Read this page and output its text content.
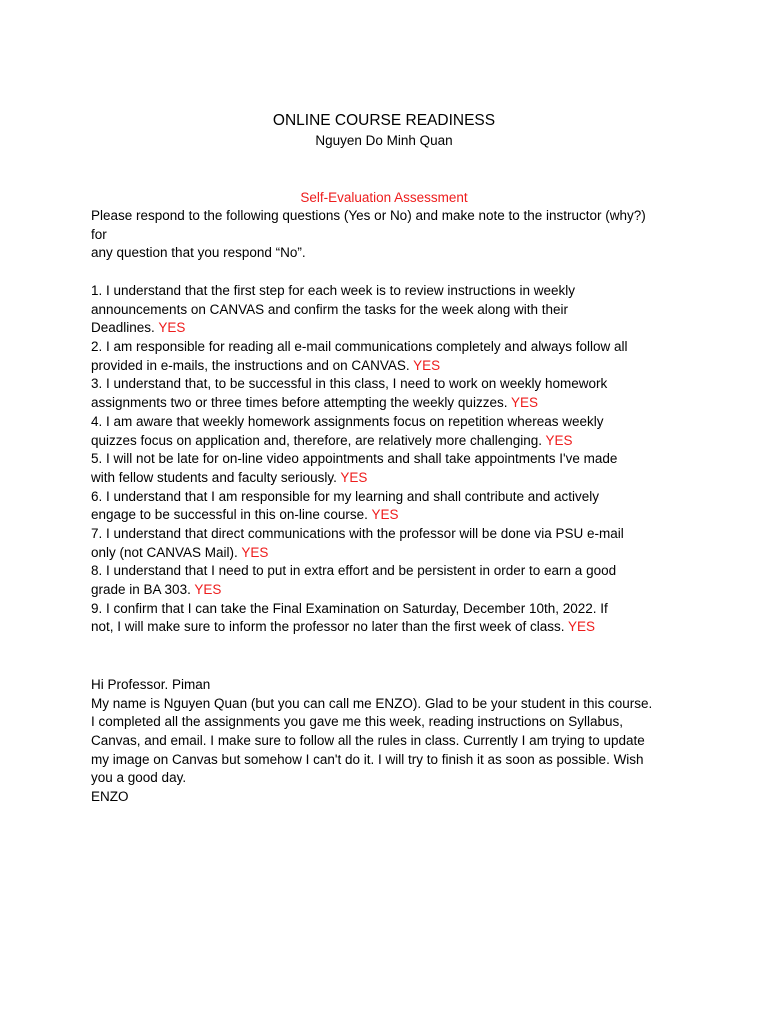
ONLINE COURSE READINESS
Nguyen Do Minh Quan
Self-Evaluation Assessment
Please respond to the following questions (Yes or No) and make note to the instructor (why?)
for
any question that you respond “No”.
1. I understand that the first step for each week is to review instructions in weekly
announcements on CANVAS and confirm the tasks for the week along with their
Deadlines. YES
2. I am responsible for reading all e-mail communications completely and always follow all
provided in e-mails, the instructions and on CANVAS. YES
3. I understand that, to be successful in this class, I need to work on weekly homework
assignments two or three times before attempting the weekly quizzes. YES
4. I am aware that weekly homework assignments focus on repetition whereas weekly
quizzes focus on application and, therefore, are relatively more challenging. YES
5. I will not be late for on-line video appointments and shall take appointments I've made
with fellow students and faculty seriously. YES
6. I understand that I am responsible for my learning and shall contribute and actively
engage to be successful in this on-line course. YES
7. I understand that direct communications with the professor will be done via PSU e-mail
only (not CANVAS Mail). YES
8. I understand that I need to put in extra effort and be persistent in order to earn a good
grade in BA 303. YES
9. I confirm that I can take the Final Examination on Saturday, December 10th, 2022. If
not, I will make sure to inform the professor no later than the first week of class. YES
Hi Professor. Piman
My name is Nguyen Quan (but you can call me ENZO). Glad to be your student in this course.
I completed all the assignments you gave me this week, reading instructions on Syllabus,
Canvas, and email. I make sure to follow all the rules in class. Currently I am trying to update
my image on Canvas but somehow I can't do it. I will try to finish it as soon as possible. Wish
you a good day.
ENZO
